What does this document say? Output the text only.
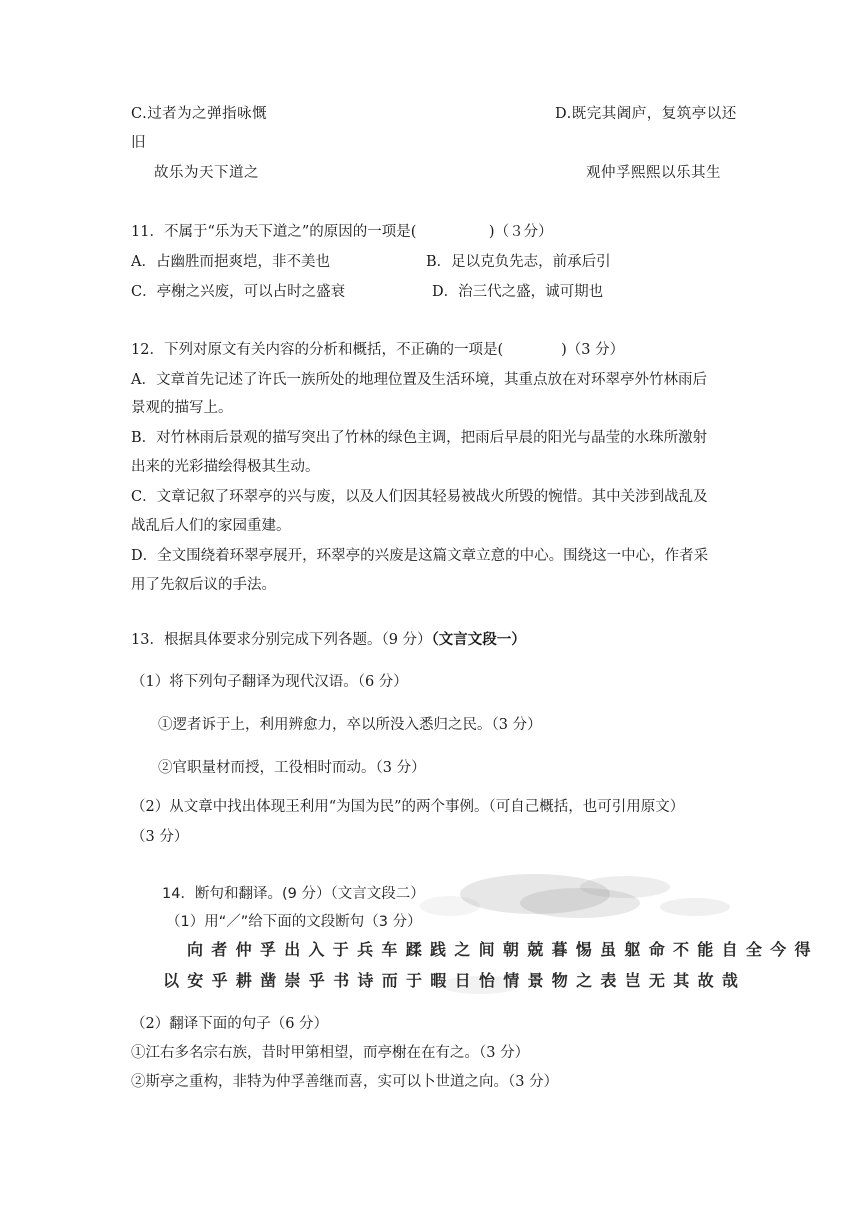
C.过者为之弹指咏慨	D.既完其阇庐，复筑亭以还
旧
故乐为天下道之	观仲孚熙熙以乐其生
11．不属于“乐为天下道之”的原因的一项是(　　　　　)（３分）
A．占幽胜而挹爽垲，非不美也	B．足以克负先志，前承后引
C．亭榭之兴废，可以占时之盛衰	D．治三代之盛，诚可期也
12．下列对原文有关内容的分析和概括，不正确的一项是(　　　　)（3 分）
A．文章首先记述了许氏一族所处的地理位置及生活环境，其重点放在对环翠亭外竹林雨后
景观的描写上。
B．对竹林雨后景观的描写突出了竹林的绿色主调，把雨后早晨的阳光与晶莹的水珠所激射
出来的光彩描绘得极其生动。
C．文章记叙了环翠亭的兴与废，以及人们因其轻易被战火所毁的惋惜。其中关涉到战乱及
战乱后人们的家园重建。
D．全文围绕着环翠亭展开，环翠亭的兴废是这篇文章立意的中心。围绕这一中心，作者采
用了先叙后议的手法。
13．根据具体要求分别完成下列各题。（9 分）（文言文段一）
（1）将下列句子翻译为现代汉语。（6 分）
①逻者诉于上，利用辨愈力，卒以所没入悉归之民。（3 分）
②官职量材而授，工役相时而动。（3 分）
（2）从文章中找出体现王利用“为国为民”的两个事例。（可自己概括，也可引用原文）
（3 分）
14．断句和翻译。(9 分）（文言文段二）
（1）用“／”给下面的文段断句（3 分）
向者仲孚出入于兵车蹂践之间朝兢暮惕虽躯命不能自全今得
以安乎耕凿崇乎书诗而于暇日怡情景物之表岂无其故哉
（2）翻译下面的句子（6 分）
①江右多名宗右族，昔时甲第相望，而亭榭在在有之。（3 分）
②斯亭之重构，非特为仲孚善继而喜，实可以卜世道之向。（3 分）
